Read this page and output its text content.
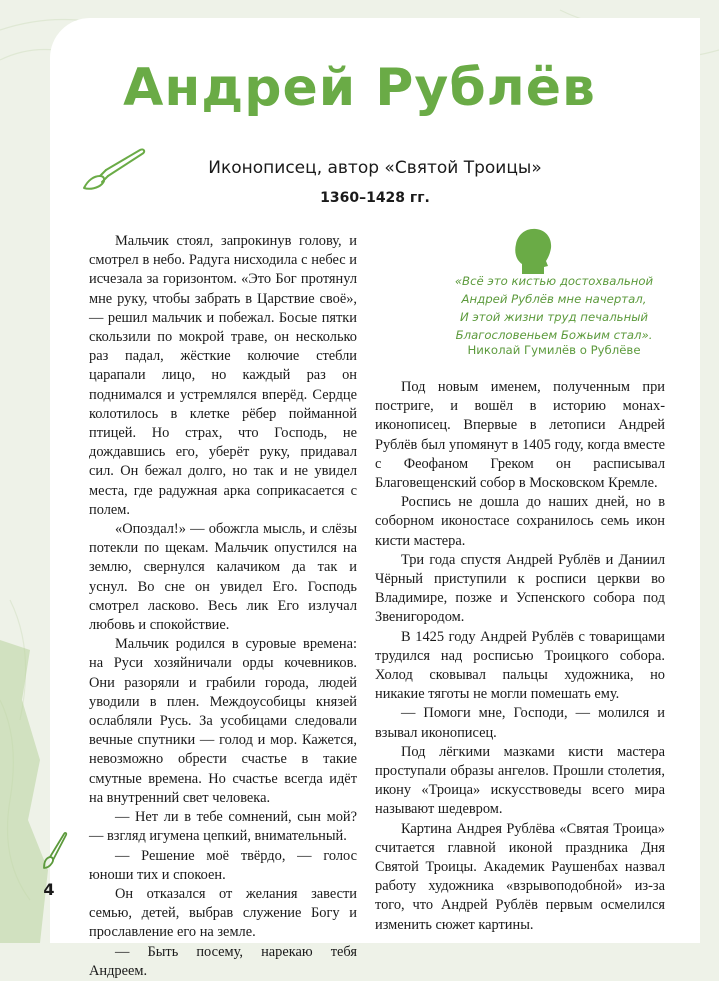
Андрей Рублёв
Иконописец, автор «Святой Троицы»
1360–1428 гг.

Мальчик стоял, запрокинув голову, и смотрел в небо. Радуга нисходила с небес и исчезала за горизонтом. «Это Бог протянул мне руку, чтобы забрать в Царствие своё», — решил мальчик и побежал. Босые пятки скользили по мокрой траве, он несколько раз падал, жёсткие колючие стебли царапали лицо, но каждый раз он поднимался и устремлялся вперёд. Сердце колотилось в клетке рёбер пойманной птицей. Но страх, что Господь, не дождавшись его, уберёт руку, придавал сил. Он бежал долго, но так и не увидел места, где радужная арка соприкасается с полем.

«Опоздал!» — обожгла мысль, и слёзы потекли по щекам. Мальчик опустился на землю, свернулся калачиком да так и уснул. Во сне он увидел Его. Господь смотрел ласково. Весь лик Его излучал любовь и спокойствие.

Мальчик родился в суровые времена: на Руси хозяйничали орды кочевников. Они разоряли и грабили города, людей уводили в плен. Междоусобицы князей ослабляли Русь. За усобицами следовали вечные спутники — голод и мор. Кажется, невозможно обрести счастье в такие смутные времена. Но счастье всегда идёт на внутренний свет человека.

— Нет ли в тебе сомнений, сын мой? — взгляд игумена цепкий, внимательный.

— Решение моё твёрдо, — голос юноши тих и спокоен.

Он отказался от желания завести семью, детей, выбрав служение Богу и прославление его на земле.

— Быть посему, нарекаю тебя Андреем.

«Всё это кистью достохвальной
Андрей Рублёв мне начертал,
И этой жизни труд печальный
Благословеньем Божьим стал».
Николай Гумилёв о Рублёве

Под новым именем, полученным при постриге, и вошёл в историю монах-иконописец. Впервые в летописи Андрей Рублёв был упомянут в 1405 году, когда вместе с Феофаном Греком он расписывал Благовещенский собор в Московском Кремле.

Роспись не дошла до наших дней, но в соборном иконостасе сохранилось семь икон кисти мастера.

Три года спустя Андрей Рублёв и Даниил Чёрный приступили к росписи церкви во Владимире, позже и Успенского собора под Звенигородом.

В 1425 году Андрей Рублёв с товарищами трудился над росписью Троицкого собора. Холод сковывал пальцы художника, но никакие тяготы не могли помешать ему.

— Помоги мне, Господи, — молился и взывал иконописец.

Под лёгкими мазками кисти мастера проступали образы ангелов. Прошли столетия, икону «Троица» искусствоведы всего мира называют шедевром.

Картина Андрея Рублёва «Святая Троица» считается главной иконой праздника Дня Святой Троицы. Академик Раушенбах назвал работу художника «взрывоподобной» из-за того, что Андрей Рублёв первым осмелился изменить сюжет картины.

4
